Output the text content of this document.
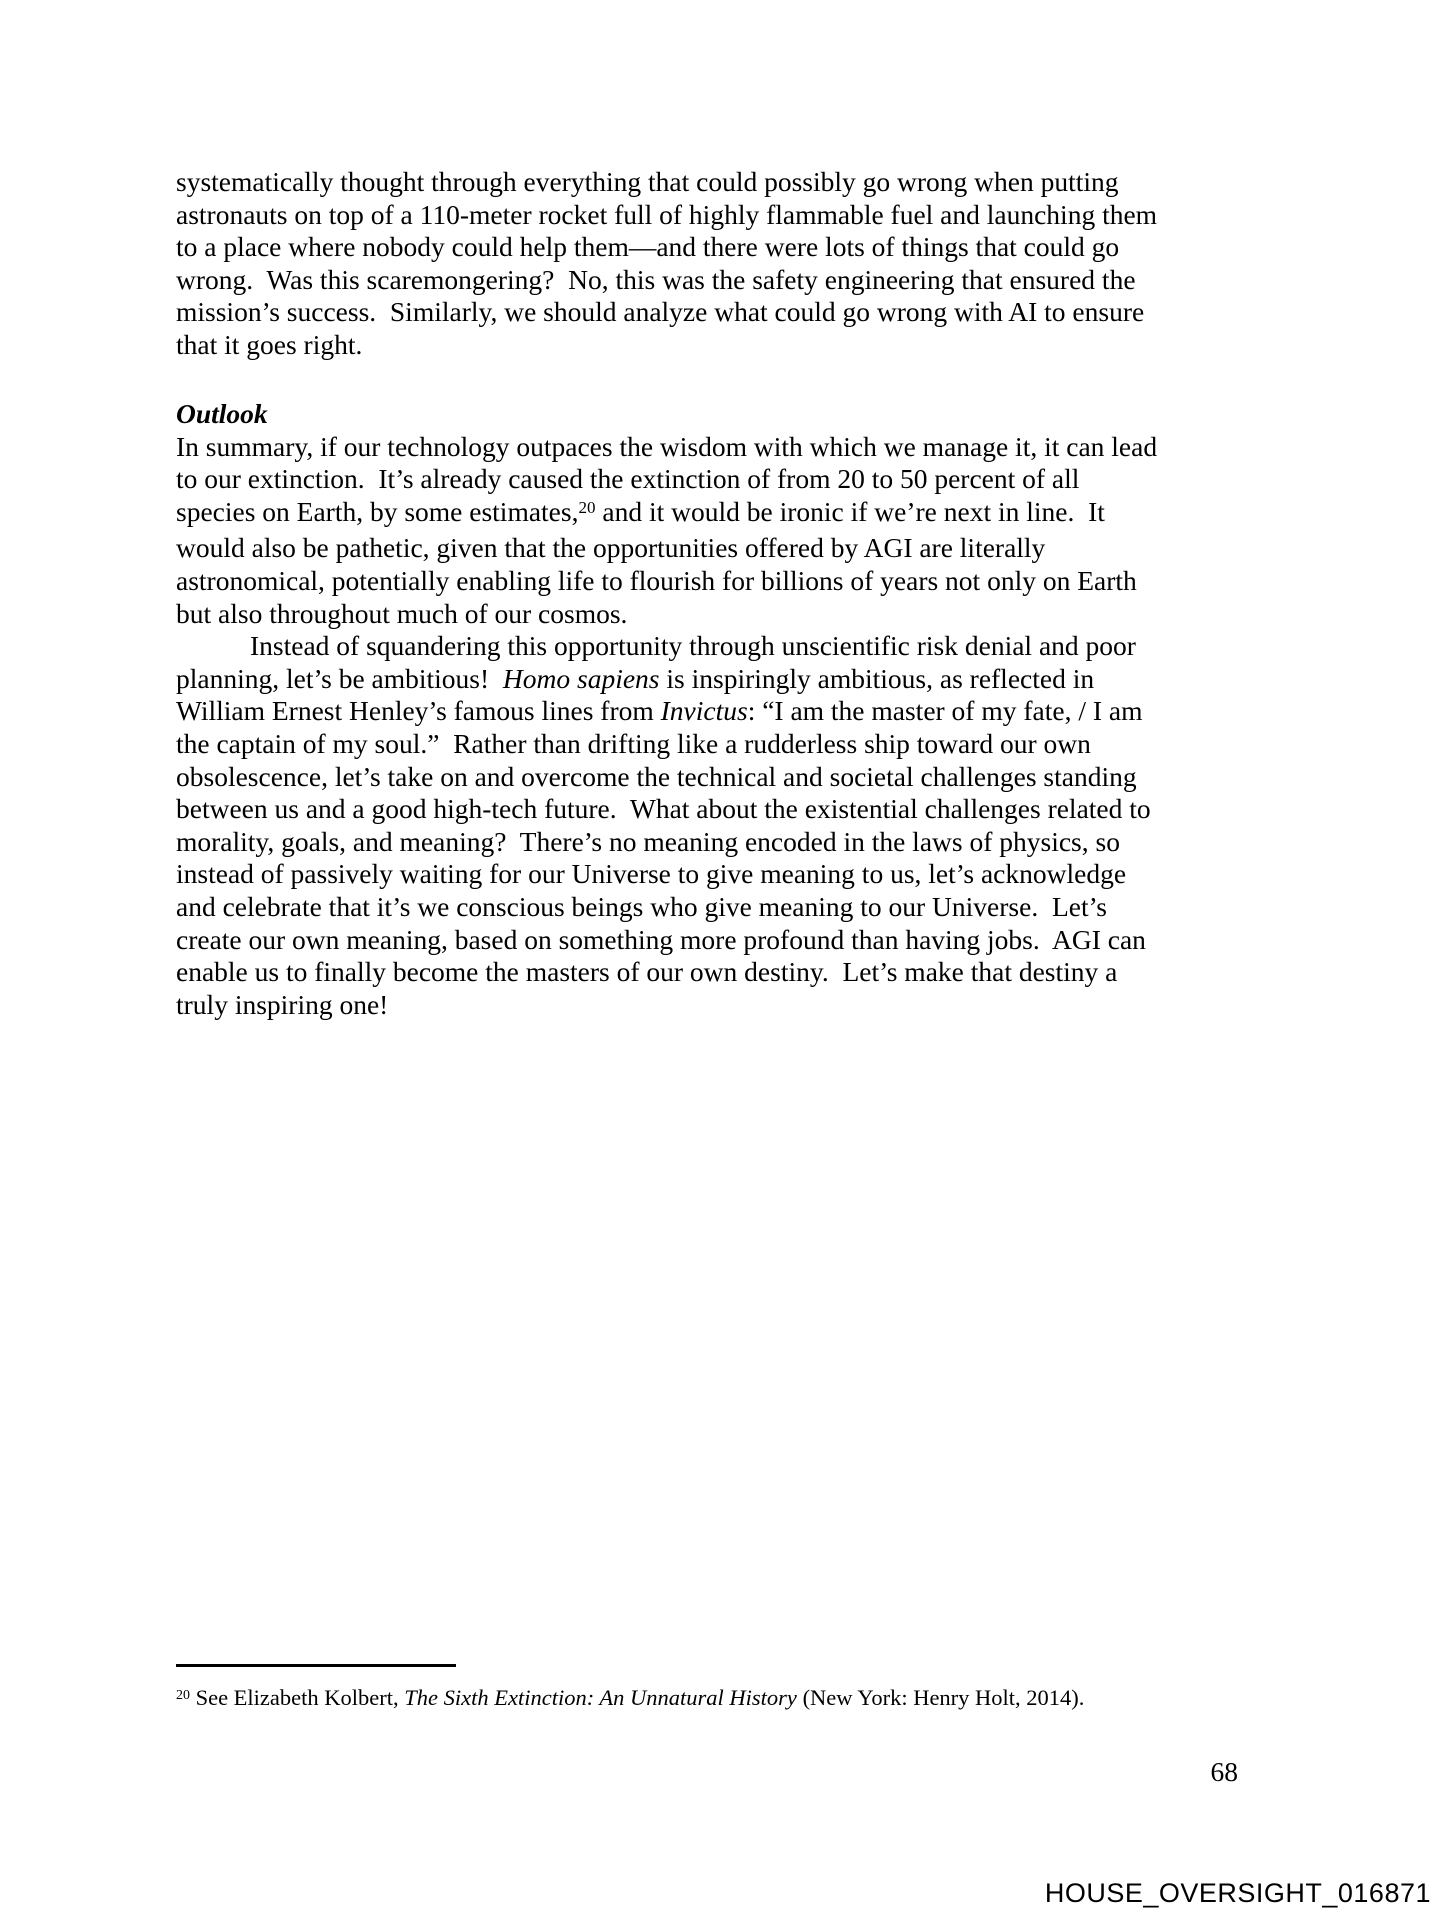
systematically thought through everything that could possibly go wrong when putting
astronauts on top of a 110-meter rocket full of highly flammable fuel and launching them
to a place where nobody could help them—and there were lots of things that could go
wrong.  Was this scaremongering?  No, this was the safety engineering that ensured the
mission’s success.  Similarly, we should analyze what could go wrong with AI to ensure
that it goes right.
Outlook
In summary, if our technology outpaces the wisdom with which we manage it, it can lead
to our extinction.  It’s already caused the extinction of from 20 to 50 percent of all
species on Earth, by some estimates,$^{20}$ and it would be ironic if we’re next in line.  It
would also be pathetic, given that the opportunities offered by AGI are literally
astronomical, potentially enabling life to flourish for billions of years not only on Earth
but also throughout much of our cosmos.
Instead of squandering this opportunity through unscientific risk denial and poor
planning, let’s be ambitious!  Homo sapiens is inspiringly ambitious, as reflected in
William Ernest Henley’s famous lines from Invictus: “I am the master of my fate, / I am
the captain of my soul.”  Rather than drifting like a rudderless ship toward our own
obsolescence, let’s take on and overcome the technical and societal challenges standing
between us and a good high-tech future.  What about the existential challenges related to
morality, goals, and meaning?  There’s no meaning encoded in the laws of physics, so
instead of passively waiting for our Universe to give meaning to us, let’s acknowledge
and celebrate that it’s we conscious beings who give meaning to our Universe.  Let’s
create our own meaning, based on something more profound than having jobs.  AGI can
enable us to finally become the masters of our own destiny.  Let’s make that destiny a
truly inspiring one!
$^{20}$ See Elizabeth Kolbert, The Sixth Extinction: An Unnatural History (New York: Henry Holt, 2014).
68
HOUSE_OVERSIGHT_016871
